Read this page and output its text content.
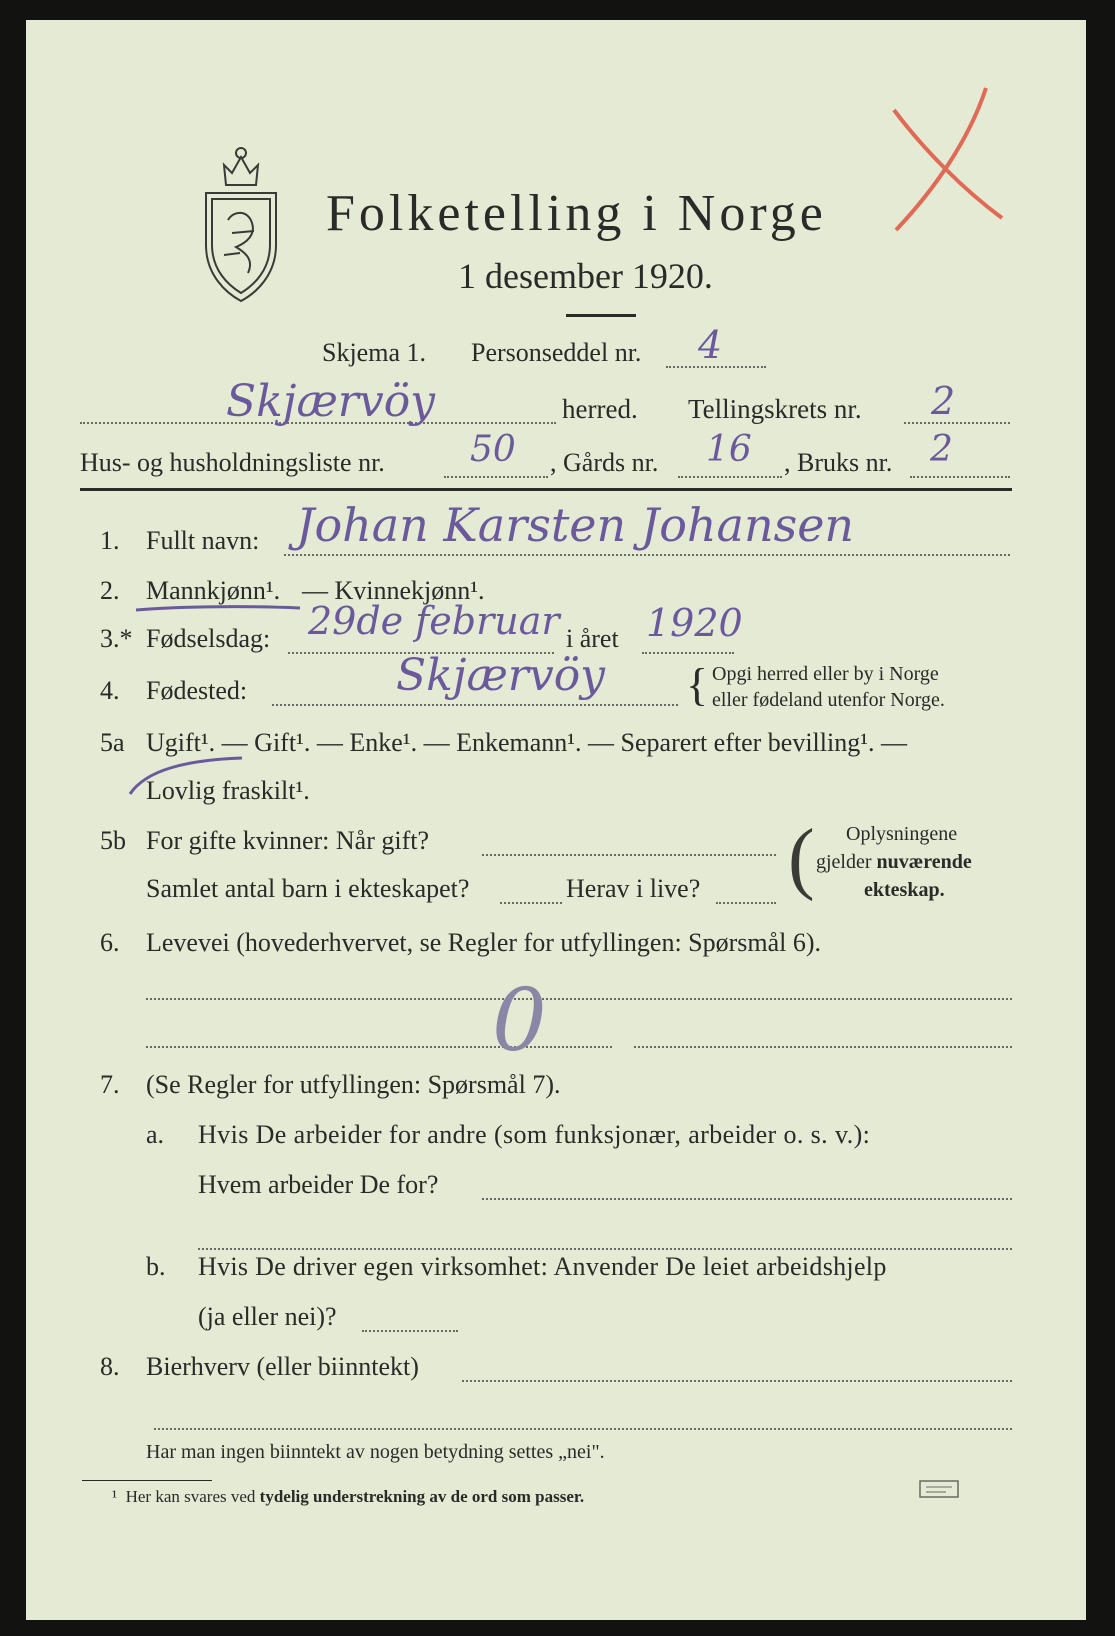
Folketelling i Norge
1 desember 1920.
Skjema 1. Personseddel nr. 4
Skjærvöy	herred. Tellingskrets nr. 2
Hus- og husholdningsliste nr. 50 , Gårds nr. 16 , Bruks nr. 2
1. Fullt navn: Johan Karsten Johansen
2. Mannkjønn¹. — Kvinnekjønn¹.
3.* Fødselsdag: 29de februar i året 1920
4. Fødested:	Skjærvöy { Opgi herred eller by i Norge
eller fødeland utenfor Norge.
5a Ugift¹. — Gift¹. — Enke¹. — Enkemann¹. — Separert efter bevilling¹. —
Lovlig fraskilt¹.
5b For gifte kvinner: Når gift?
Samlet antal barn i ekteskapet?	Herav i live? ( Oplysningene
gjelder nuværende
ekteskap.
6. Levevei (hovederhvervet, se Regler for utfyllingen: Spørsmål 6).
0
7. (Se Regler for utfyllingen: Spørsmål 7).
a. Hvis De arbeider for andre (som funksjonær, arbeider o. s. v.):
Hvem arbeider De for?
b. Hvis De driver egen virksomhet: Anvender De leiet arbeidshjelp
(ja eller nei)?
8. Bierhverv (eller biinntekt)
Har man ingen biinntekt av nogen betydning settes „nei".
¹ Her kan svares ved tydelig understrekning av de ord som passer.
